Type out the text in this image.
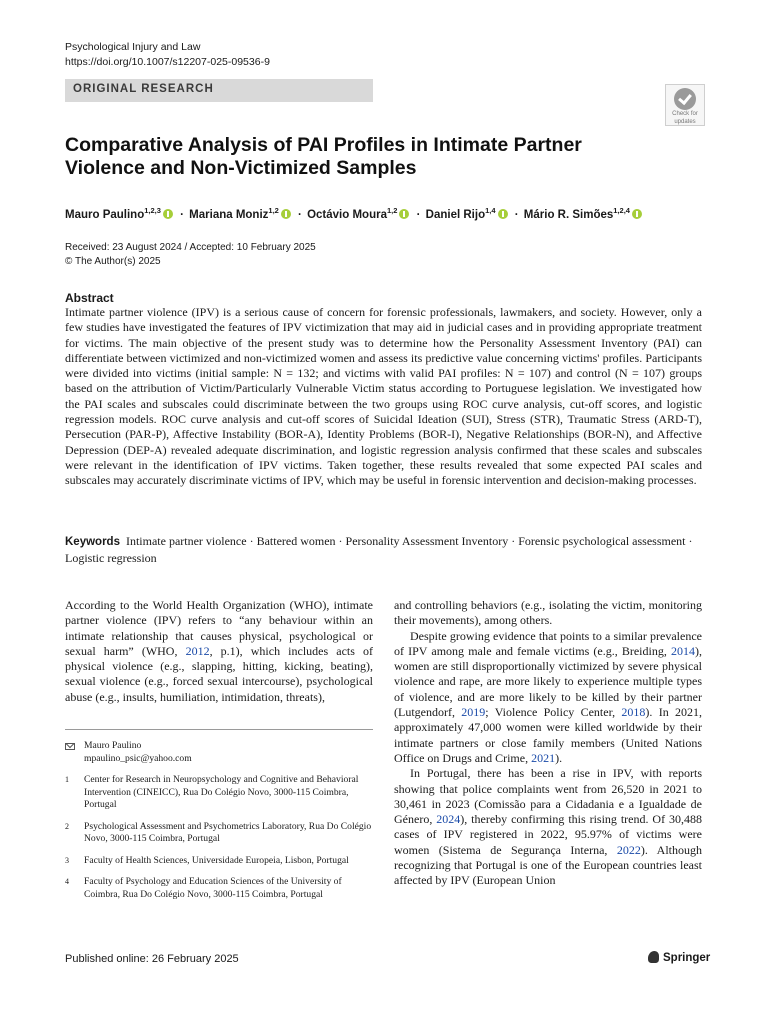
Psychological Injury and Law
https://doi.org/10.1007/s12207-025-09536-9
ORIGINAL RESEARCH
Check for
updates
Comparative Analysis of PAI Profiles in Intimate Partner Violence and Non-Victimized Samples
Mauro Paulino$^{1,2,3}$ · Mariana Moniz$^{1,2}$ · Octávio Moura$^{1,2}$ · Daniel Rijo$^{1,4}$ · Mário R. Simões$^{1,2,4}$
Received: 23 August 2024 / Accepted: 10 February 2025
© The Author(s) 2025
Abstract
Intimate partner violence (IPV) is a serious cause of concern for forensic professionals, lawmakers, and society. However, only a few studies have investigated the features of IPV victimization that may aid in judicial cases and in providing appropriate treatment for victims. The main objective of the present study was to determine how the Personality Assessment Inventory (PAI) can differentiate between victimized and non-victimized women and assess its predictive value concerning victims' profiles. Participants were divided into victims (initial sample: N = 132; and victims with valid PAI profiles: N = 107) and control (N = 107) groups based on the attribution of Victim/Particularly Vulnerable Victim status according to Portuguese legislation. We investigated how the PAI scales and subscales could discriminate between the two groups using ROC curve analysis, cut-off scores, and logistic regression models. ROC curve analysis and cut-off scores of Suicidal Ideation (SUI), Stress (STR), Traumatic Stress (ARD-T), Persecution (PAR-P), Affective Instability (BOR-A), Identity Problems (BOR-I), Negative Relationships (BOR-N), and Affective Depression (DEP-A) revealed adequate discrimination, and logistic regression analysis confirmed that these scales and subscales were relevant in the identification of IPV victims. Taken together, these results revealed that some expected PAI scales and subscales may accurately discriminate victims of IPV, which may be useful in forensic intervention and decision-making processes.
Keywords Intimate partner violence · Battered women · Personality Assessment Inventory · Forensic psychological assessment · Logistic regression

According to the World Health Organization (WHO), intimate partner violence (IPV) refers to “any behaviour within an intimate relationship that causes physical, psychological or sexual harm” (WHO, 2012, p.1), which includes acts of physical violence (e.g., slapping, hitting, kicking, beating), sexual violence (e.g., forced sexual intercourse), psychological abuse (e.g., insults, humiliation, intimidation, threats),

Mauro Paulino
mpaulino_psic@yahoo.com
1 Center for Research in Neuropsychology and Cognitive and Behavioral Intervention (CINEICC), Rua Do Colégio Novo, 3000-115 Coimbra, Portugal
2 Psychological Assessment and Psychometrics Laboratory, Rua Do Colégio Novo, 3000-115 Coimbra, Portugal
3 Faculty of Health Sciences, Universidade Europeia, Lisbon, Portugal
4 Faculty of Psychology and Education Sciences of the University of Coimbra, Rua Do Colégio Novo, 3000-115 Coimbra, Portugal

and controlling behaviors (e.g., isolating the victim, monitoring their movements), among others.

Despite growing evidence that points to a similar prevalence of IPV among male and female victims (e.g., Breiding, 2014), women are still disproportionally victimized by severe physical violence and rape, are more likely to experience multiple types of violence, and are more likely to be killed by their partner (Lutgendorf, 2019; Violence Policy Center, 2018). In 2021, approximately 47,000 women were killed worldwide by their intimate partners or close family members (United Nations Office on Drugs and Crime, 2021).

In Portugal, there has been a rise in IPV, with reports showing that police complaints went from 26,520 in 2021 to 30,461 in 2023 (Comissão para a Cidadania e a Igualdade de Género, 2024), thereby confirming this rising trend. Of 30,488 cases of IPV registered in 2022, 95.97% of victims were women (Sistema de Segurança Interna, 2022). Although recognizing that Portugal is one of the European countries least affected by IPV (European Union

Published online: 26 February 2025	Springer
